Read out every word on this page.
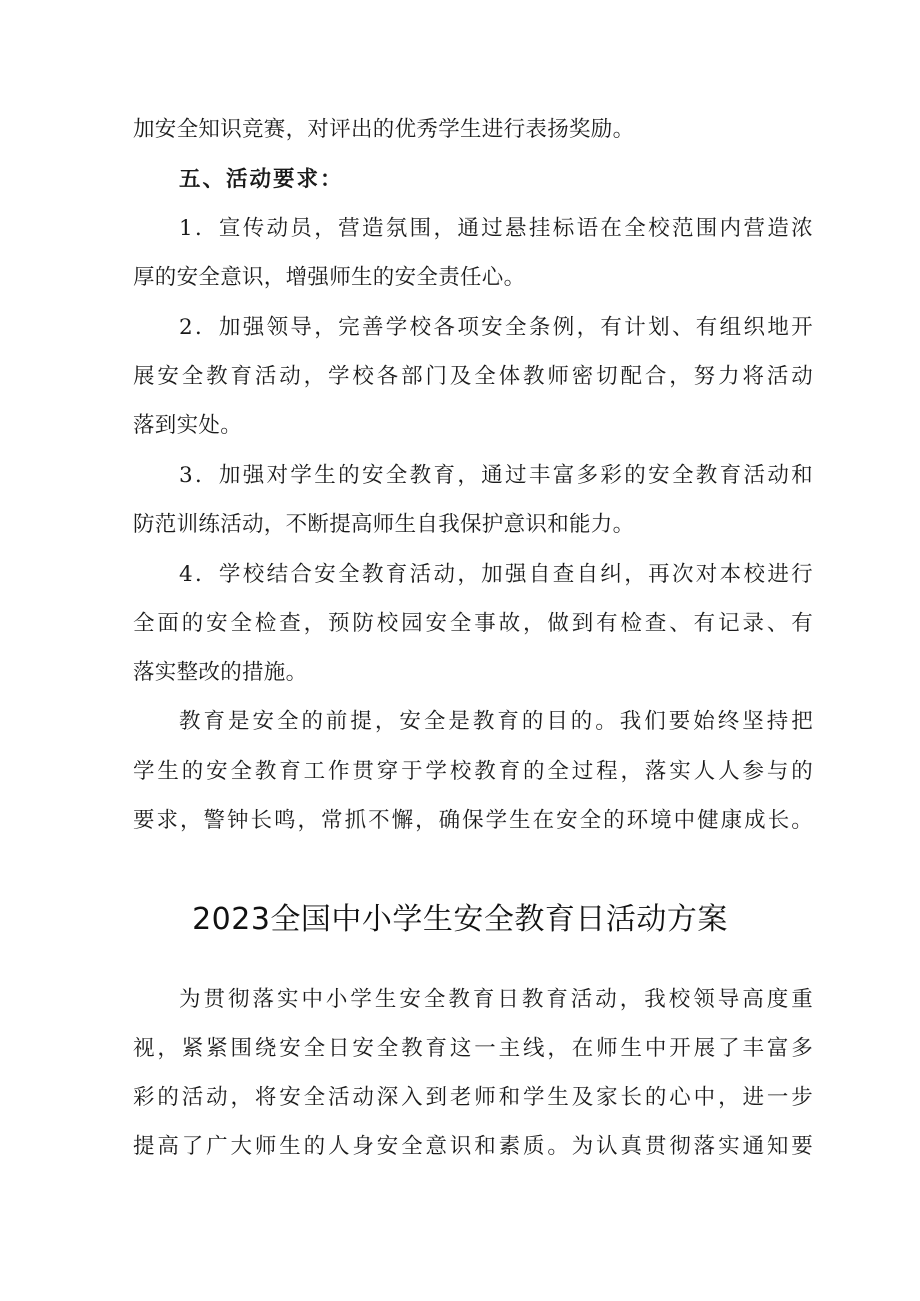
加安全知识竞赛，对评出的优秀学生进行表扬奖励。
五、活动要求：
1．宣传动员，营造氛围，通过悬挂标语在全校范围内营造浓
厚的安全意识，增强师生的安全责任心。
2．加强领导，完善学校各项安全条例，有计划、有组织地开
展安全教育活动，学校各部门及全体教师密切配合，努力将活动
落到实处。
3．加强对学生的安全教育，通过丰富多彩的安全教育活动和
防范训练活动，不断提高师生自我保护意识和能力。
4．学校结合安全教育活动，加强自查自纠，再次对本校进行
全面的安全检查，预防校园安全事故，做到有检查、有记录、有
落实整改的措施。
教育是安全的前提，安全是教育的目的。我们要始终坚持把
学生的安全教育工作贯穿于学校教育的全过程，落实人人参与的
要求，警钟长鸣，常抓不懈，确保学生在安全的环境中健康成长。
2023全国中小学生安全教育日活动方案
为贯彻落实中小学生安全教育日教育活动，我校领导高度重
视，紧紧围绕安全日安全教育这一主线，在师生中开展了丰富多
彩的活动，将安全活动深入到老师和学生及家长的心中，进一步
提高了广大师生的人身安全意识和素质。为认真贯彻落实通知要
